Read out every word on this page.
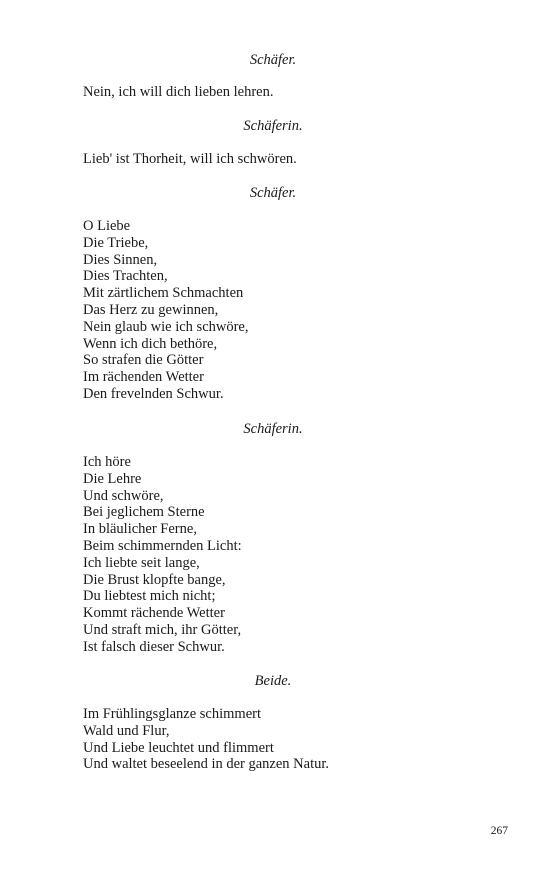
Schäfer.

Nein, ich will dich lieben lehren.

Schäferin.

Lieb' ist Thorheit, will ich schwören.

Schäfer.

O Liebe
Die Triebe,
Dies Sinnen,
Dies Trachten,
Mit zärtlichem Schmachten
Das Herz zu gewinnen,
Nein glaub wie ich schwöre,
Wenn ich dich bethöre,
So strafen die Götter
Im rächenden Wetter
Den frevelnden Schwur.

Schäferin.

Ich höre
Die Lehre
Und schwöre,
Bei jeglichem Sterne
In bläulicher Ferne,
Beim schimmernden Licht:
Ich liebte seit lange,
Die Brust klopfte bange,
Du liebtest mich nicht;
Kommt rächende Wetter
Und straft mich, ihr Götter,
Ist falsch dieser Schwur.

Beide.

Im Frühlingsglanze schimmert
Wald und Flur,
Und Liebe leuchtet und flimmert
Und waltet beseelend in der ganzen Natur.
267
